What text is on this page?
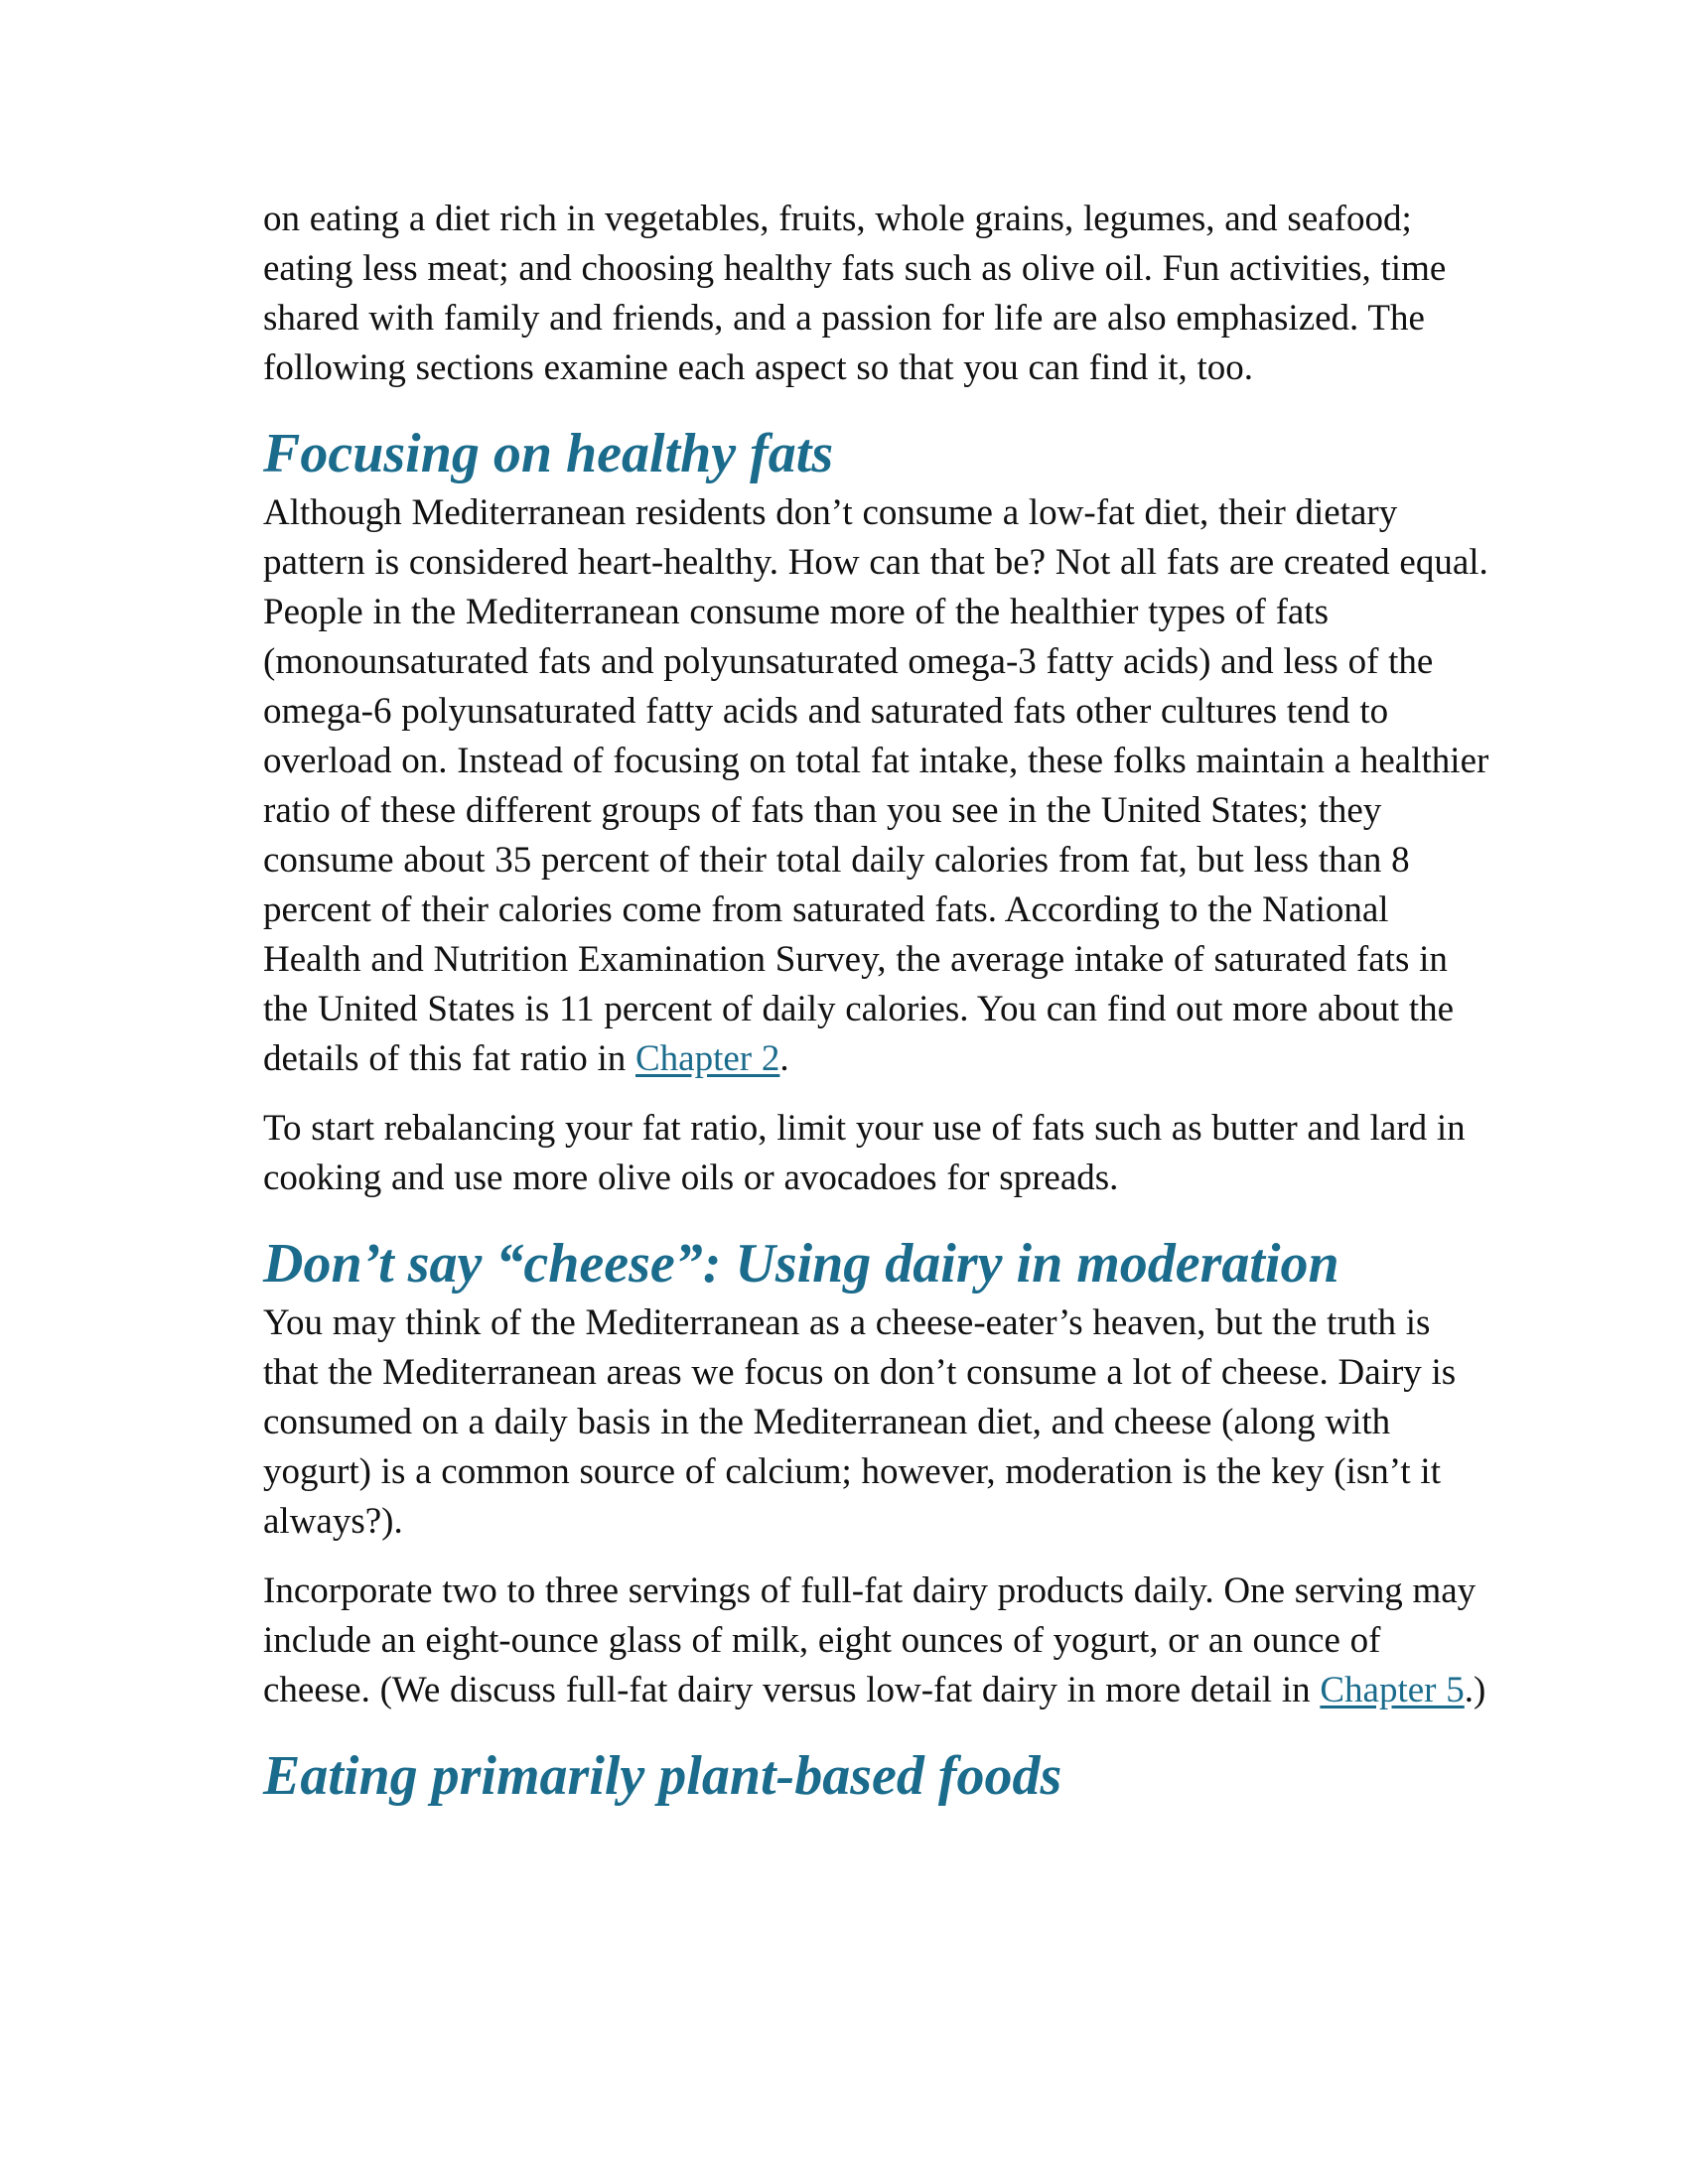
on eating a diet rich in vegetables, fruits, whole grains, legumes, and seafood; eating less meat; and choosing healthy fats such as olive oil. Fun activities, time shared with family and friends, and a passion for life are also emphasized. The following sections examine each aspect so that you can find it, too.

Focusing on healthy fats

Although Mediterranean residents don’t consume a low-fat diet, their dietary pattern is considered heart-healthy. How can that be? Not all fats are created equal. People in the Mediterranean consume more of the healthier types of fats (monounsaturated fats and polyunsaturated omega-3 fatty acids) and less of the omega-6 polyunsaturated fatty acids and saturated fats other cultures tend to overload on. Instead of focusing on total fat intake, these folks maintain a healthier ratio of these different groups of fats than you see in the United States; they consume about 35 percent of their total daily calories from fat, but less than 8 percent of their calories come from saturated fats. According to the National Health and Nutrition Examination Survey, the average intake of saturated fats in the United States is 11 percent of daily calories. You can find out more about the details of this fat ratio in Chapter 2.

To start rebalancing your fat ratio, limit your use of fats such as butter and lard in cooking and use more olive oils or avocadoes for spreads.

Don’t say “cheese”: Using dairy in moderation

You may think of the Mediterranean as a cheese-eater’s heaven, but the truth is that the Mediterranean areas we focus on don’t consume a lot of cheese. Dairy is consumed on a daily basis in the Mediterranean diet, and cheese (along with yogurt) is a common source of calcium; however, moderation is the key (isn’t it always?).

Incorporate two to three servings of full-fat dairy products daily. One serving may include an eight-ounce glass of milk, eight ounces of yogurt, or an ounce of cheese. (We discuss full-fat dairy versus low-fat dairy in more detail in Chapter 5.)

Eating primarily plant-based foods
